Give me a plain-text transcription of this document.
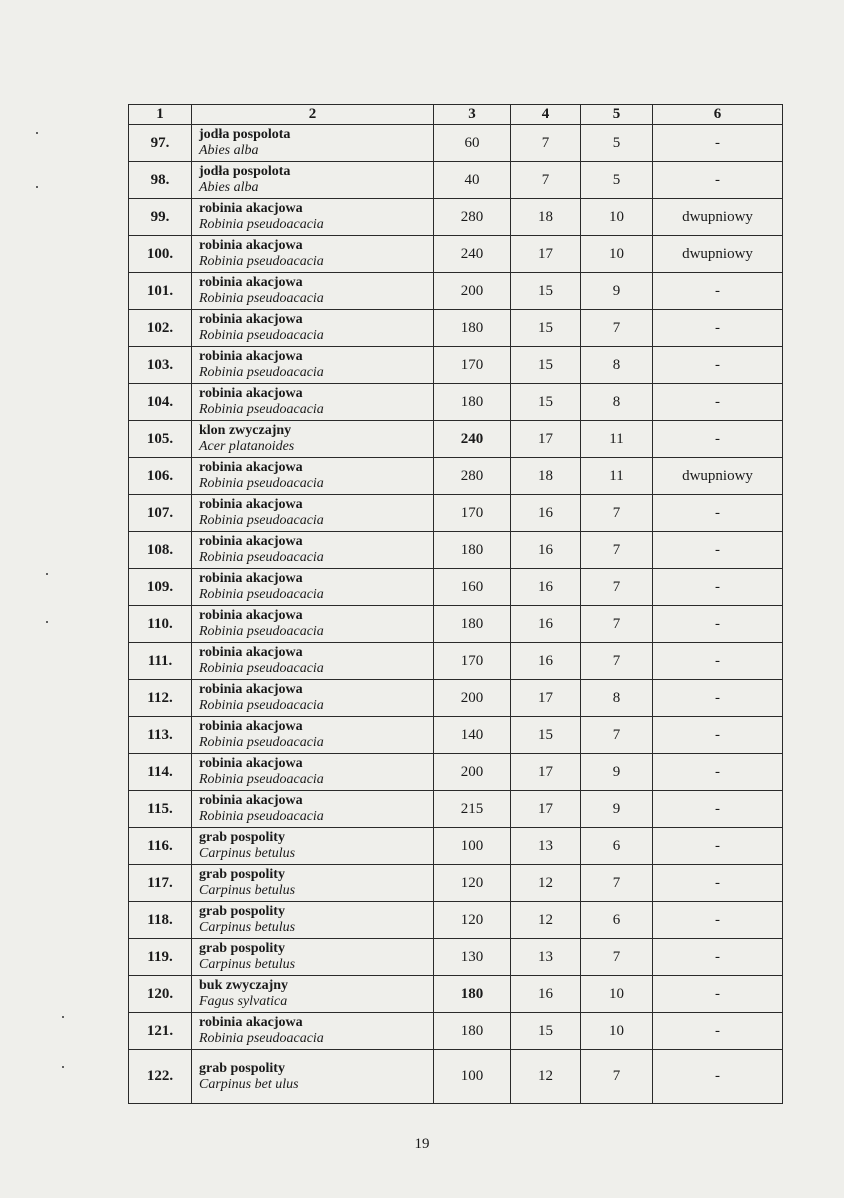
1	2	3	4	5	6
97.	jodła pospolota
Abies alba	60	7	5	-
98.	jodła pospolota
Abies alba	40	7	5	-
99.	robinia akacjowa
Robinia pseudoacacia	280	18	10	dwupniowy
100.	robinia akacjowa
Robinia pseudoacacia	240	17	10	dwupniowy
101.	robinia akacjowa
Robinia pseudoacacia	200	15	9	-
102.	robinia akacjowa
Robinia pseudoacacia	180	15	7	-
103.	robinia akacjowa
Robinia pseudoacacia	170	15	8	-
104.	robinia akacjowa
Robinia pseudoacacia	180	15	8	-
105.	klon zwyczajny
Acer platanoides	240	17	11	-
106.	robinia akacjowa
Robinia pseudoacacia	280	18	11	dwupniowy
107.	robinia akacjowa
Robinia pseudoacacia	170	16	7	-
108.	robinia akacjowa
Robinia pseudoacacia	180	16	7	-
109.	robinia akacjowa
Robinia pseudoacacia	160	16	7	-
110.	robinia akacjowa
Robinia pseudoacacia	180	16	7	-
111.	robinia akacjowa
Robinia pseudoacacia	170	16	7	-
112.	robinia akacjowa
Robinia pseudoacacia	200	17	8	-
113.	robinia akacjowa
Robinia pseudoacacia	140	15	7	-
114.	robinia akacjowa
Robinia pseudoacacia	200	17	9	-
115.	robinia akacjowa
Robinia pseudoacacia	215	17	9	-
116.	grab pospolity
Carpinus betulus	100	13	6	-
117.	grab pospolity
Carpinus betulus	120	12	7	-
118.	grab pospolity
Carpinus betulus	120	12	6	-
119.	grab pospolity
Carpinus betulus	130	13	7	-
120.	buk zwyczajny
Fagus sylvatica	180	16	10	-
121.	robinia akacjowa
Robinia pseudoacacia	180	15	10	-
122.	grab pospolity
Carpinus bet ulus	100	12	7	-
19
